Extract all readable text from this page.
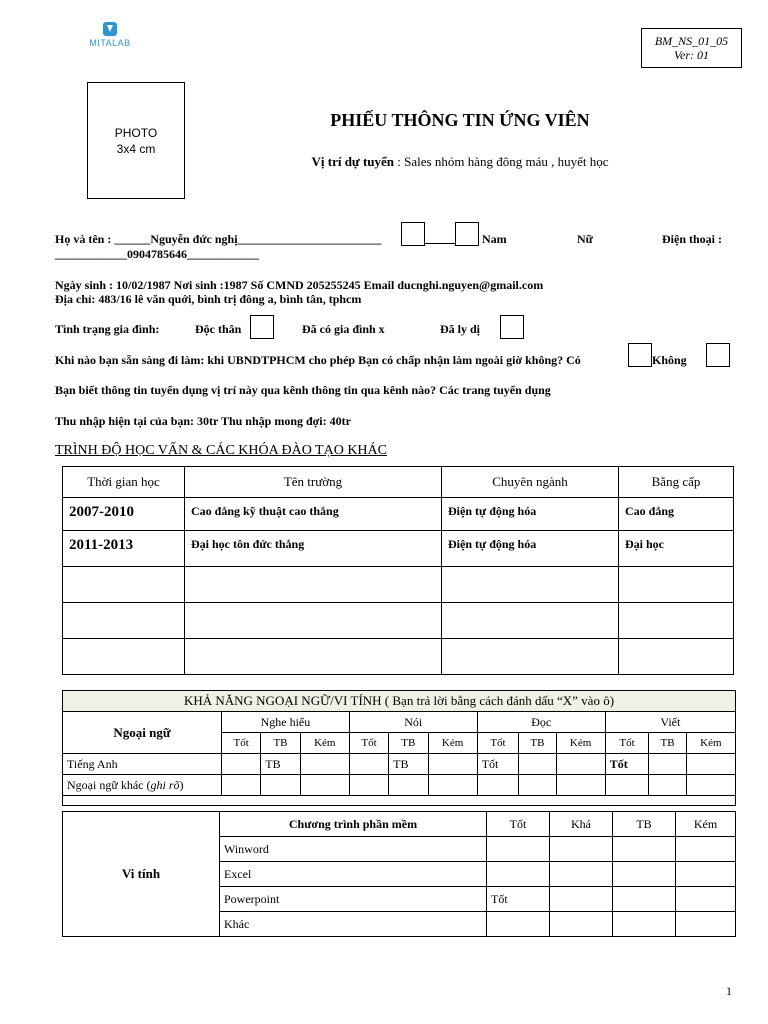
MITALAB	BM_NS_01_05
Ver: 01
PHOTO
3x4 cm
PHIẾU THÔNG TIN ỨNG VIÊN
Vị trí dự tuyển : Sales nhóm hàng đông máu , huyết học
Họ và tên : ______Nguyễn đức nghị________________________	Nam	Nữ	Điện thoại :
____________0904785646____________
Ngày sinh : 10/02/1987 Nơi sinh :1987 Số CMND 205255245 Email ducnghi.nguyen@gmail.com
Địa chỉ: 483/16 lê văn quới, bình trị đông a, bình tân, tphcm
Tình trạng gia đình:	Độc thân	Đã có gia đình x	Đã ly dị
Khi nào bạn sẵn sàng đi làm: khi UBNDTPHCM cho phép Bạn có chấp nhận làm ngoài giờ không? Có	Không
Bạn biết thông tin tuyển dụng vị trí này qua kênh thông tin qua kênh nào? Các trang tuyển dụng
Thu nhập hiện tại của bạn: 30tr Thu nhập mong đợi: 40tr
TRÌNH ĐỘ HỌC VẤN & CÁC KHÓA ĐÀO TẠO KHÁC
Thời gian học	Tên trường	Chuyên ngành	Bằng cấp
2007-2010	Cao đẳng kỹ thuật cao thắng	Điện tự động hóa	Cao đẳng
2011-2013	Đại học tôn đức thắng	Điện tự động hóa	Đại học

KHẢ NĂNG NGOẠI NGỮ/VI TÍNH ( Bạn trả lời bằng cách đánh dấu “X” vào ô)												
Ngoại ngữ	Nghe hiểu			Nói			Đọc			Viết		
	Tốt	TB	Kém	Tốt	TB	Kém	Tốt	TB	Kém	Tốt	TB	Kém
Tiếng Anh		TB			TB		Tốt			Tốt		
Ngoại ngữ khác (ghi rõ)												

Vi tính	Chương trình phần mềm	Tốt	Khá	TB	Kém
	Winword				
	Excel				
	Powerpoint	Tốt			
	Khác				
1
